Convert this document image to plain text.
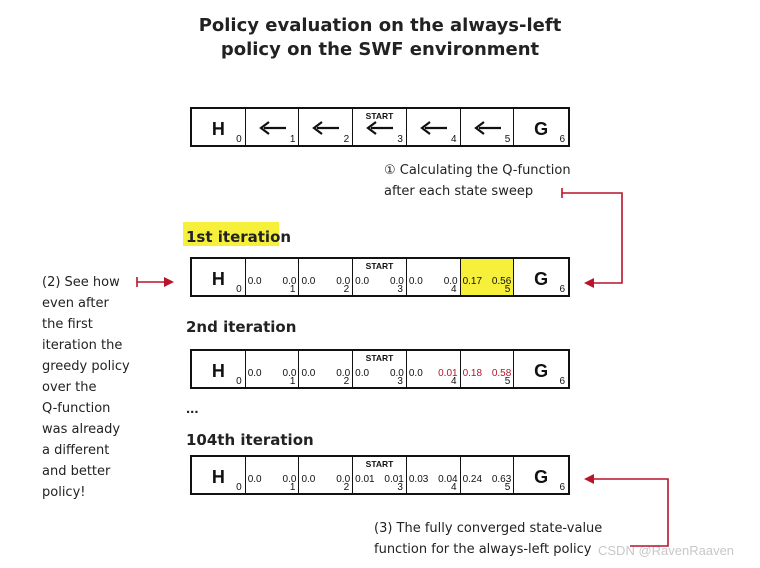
Policy evaluation on the always-left
policy on the SWF environment
H
0	1	2
START
3	4	5
G
6
① Calculating the Q-function
after each state sweep
1st iteration
H
0
0.0 0.0
1
0.0 0.0
2
START
0.0 0.0
3
0.0 0.0
4
0.17 0.56
5
G
6
2nd iteration
H
0
0.0 0.0
1
0.0 0.0
2
START
0.0 0.0
3
0.0 0.01
4
0.18 0.58
5
G
6
...
104th iteration
H
0
0.0 0.0
1
0.0 0.0
2
START
0.01 0.01
3
0.03 0.04
4
0.24 0.63
5
G
6
(2) See how
even after
the first
iteration the
greedy policy
over the
Q-function
was already
a different
and better
policy!
(3) The fully converged state-value
function for the always-left policy CSDN @RavenRaaven
